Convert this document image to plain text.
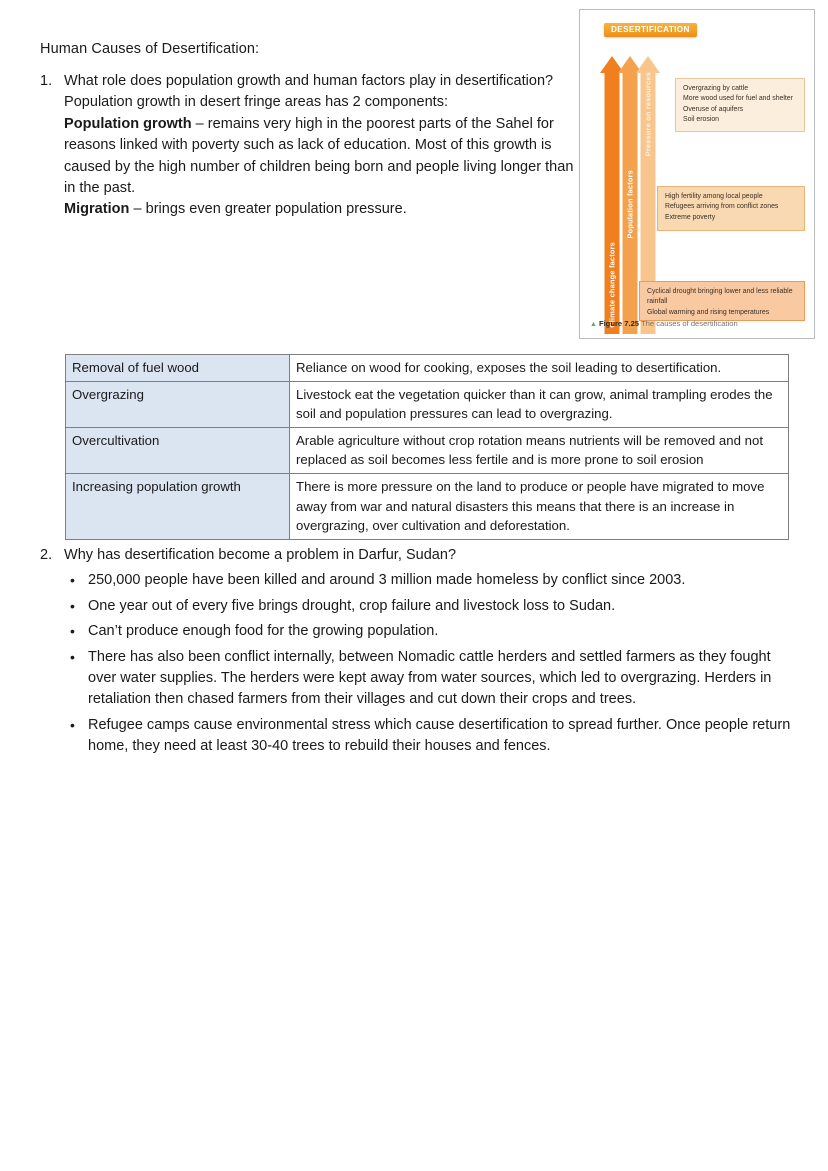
Human Causes of Desertification:
1. What role does population growth and human factors play in desertification?
Population growth in desert fringe areas has 2 components:
Population growth – remains very high in the poorest parts of the Sahel for reasons linked with poverty such as lack of education. Most of this growth is caused by the high number of children being born and people living longer than in the past.
Migration – brings even greater population pressure.
DESERTIFICATION
Climate change factors
Population factors
Pressure on resources	Overgrazing by cattle
More wood used for fuel and shelter
Overuse of aquifers
Soil erosion
High fertility among local people
Refugees arriving from conflict zones
Extreme poverty
Cyclical drought bringing lower and less reliable rainfall
Global warming and rising temperatures
▲ Figure 7.25 The causes of desertification
Removal of fuel wood	Reliance on wood for cooking, exposes the soil leading to desertification.
Overgrazing	Livestock eat the vegetation quicker than it can grow, animal trampling erodes the soil and population pressures can lead to overgrazing.
Overcultivation	Arable agriculture without crop rotation means nutrients will be removed and not replaced as soil becomes less fertile and is more prone to soil erosion
Increasing population growth	There is more pressure on the land to produce or people have migrated to move away from war and natural disasters this means that there is an increase in overgrazing, over cultivation and deforestation.
2. Why has desertification become a problem in Darfur, Sudan?
• 250,000 people have been killed and around 3 million made homeless by conflict since 2003.
• One year out of every five brings drought, crop failure and livestock loss to Sudan.
• Can’t produce enough food for the growing population.
• There has also been conflict internally, between Nomadic cattle herders and settled farmers as they fought over water supplies. The herders were kept away from water sources, which led to overgrazing. Herders in retaliation then chased farmers from their villages and cut down their crops and trees.
• Refugee camps cause environmental stress which cause desertification to spread further. Once people return home, they need at least 30-40 trees to rebuild their houses and fences.
